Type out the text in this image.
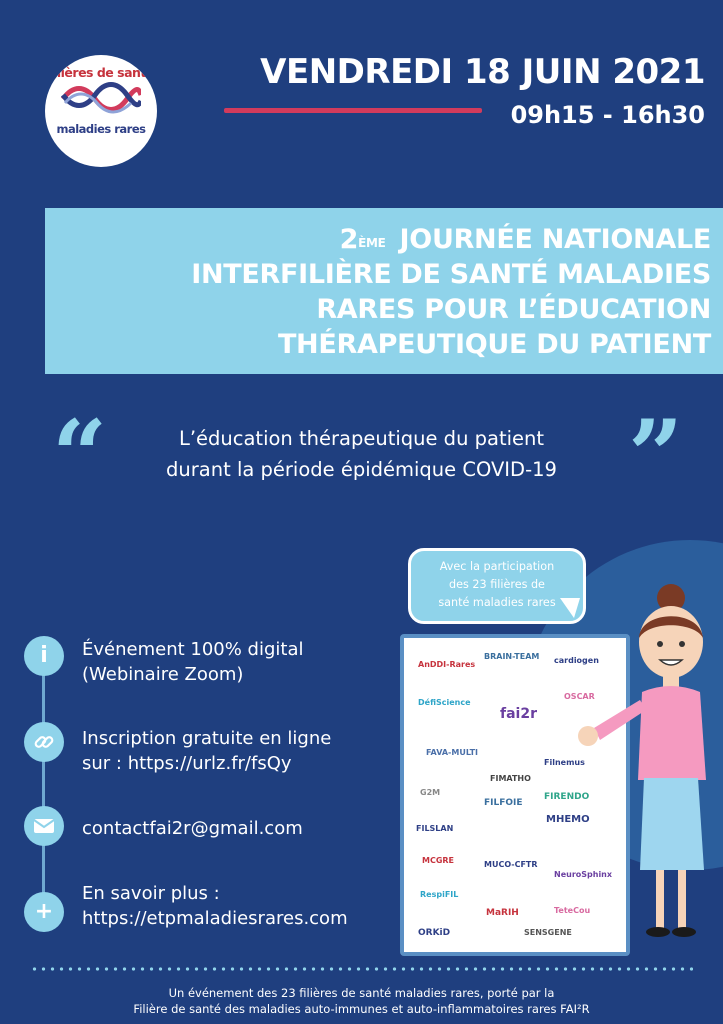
filières de santé
maladies rares
VENDREDI 18 JUIN 2021
09h15 - 16h30
2ÈME JOURNÉE NATIONALE
INTERFILIÈRE DE SANTÉ MALADIES
RARES POUR L’ÉDUCATION
THÉRAPEUTIQUE DU PATIENT
“	”
L’éducation thérapeutique du patient
durant la période épidémique COVID-19
Avec la participation
des 23 filières de
santé maladies rares
i	Événement 100% digital
(Webinaire Zoom)
Inscription gratuite en ligne
sur : https://urlz.fr/fsQy
contactfai2r@gmail.com
+
En savoir plus :
https://etpmaladiesrares.com
AnDDI-Rares
BRAIN-TEAM cardiogen
DéfiScience
fai2r
OSCAR
FAVA-MULTI
FIMATHO
Filnemus
G2M
FILFOIE
FIRENDO
FILSLAN
MHEMO
MCGRE	MUCO-CFTR
NeuroSphinx
RespiFIL
MaRIH	TeteCou
ORKiD	SENSGENE
Un événement des 23 filières de santé maladies rares, porté par la
Filière de santé des maladies auto-immunes et auto-inflammatoires rares FAI²R
